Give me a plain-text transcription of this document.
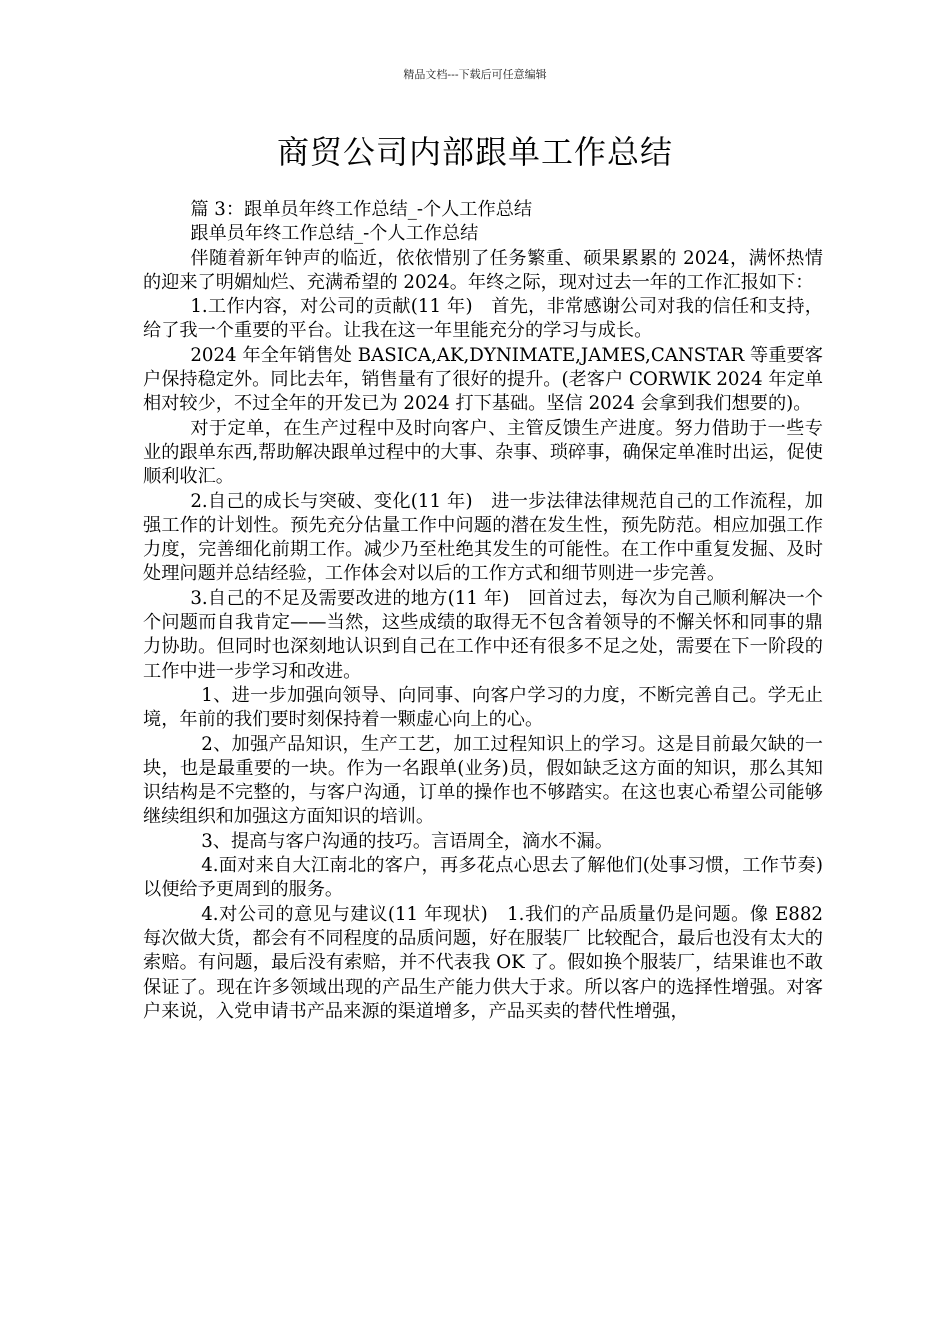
精品文档---下载后可任意编辑
商贸公司内部跟单工作总结

篇 3：跟单员年终工作总结_-个人工作总结

跟单员年终工作总结_-个人工作总结

伴随着新年钟声的临近，依依惜别了任务繁重、硕果累累的 2024，满怀热情的迎来了明媚灿烂、充满希望的 2024。年终之际，现对过去一年的工作汇报如下：

1.工作内容，对公司的贡献(11 年)　首先，非常感谢公司对我的信任和支持，给了我一个重要的平台。让我在这一年里能充分的学习与成长。

2024 年全年销售处 BASICA,AK,DYNIMATE,JAMES,CANSTAR 等重要客户保持稳定外。同比去年，销售量有了很好的提升。(老客户 CORWIK 2024 年定单相对较少，不过全年的开发已为 2024 打下基础。坚信 2024 会拿到我们想要的)。

对于定单，在生产过程中及时向客户、主管反馈生产进度。努力借助于一些专业的跟单东西,帮助解决跟单过程中的大事、杂事、琐碎事，确保定单准时出运，促使顺利收汇。

2.自己的成长与突破、变化(11 年)　进一步法律法律规范自己的工作流程，加强工作的计划性。预先充分估量工作中问题的潜在发生性，预先防范。相应加强工作力度，完善细化前期工作。减少乃至杜绝其发生的可能性。在工作中重复发掘、及时处理问题并总结经验，工作体会对以后的工作方式和细节则进一步完善。

3.自己的不足及需要改进的地方(11 年)　回首过去，每次为自己顺利解决一个个问题而自我肯定——当然，这些成绩的取得无不包含着领导的不懈关怀和同事的鼎力协助。但同时也深刻地认识到自己在工作中还有很多不足之处，需要在下一阶段的工作中进一步学习和改进。

1、进一步加强向领导、向同事、向客户学习的力度，不断完善自己。学无止境，年前的我们要时刻保持着一颗虚心向上的心。

2、加强产品知识，生产工艺，加工过程知识上的学习。这是目前最欠缺的一块，也是最重要的一块。作为一名跟单(业务)员，假如缺乏这方面的知识，那么其知识结构是不完整的，与客户沟通，订单的操作也不够踏实。在这也衷心希望公司能够继续组织和加强这方面知识的培训。

3、提高与客户沟通的技巧。言语周全，滴水不漏。

4.面对来自大江南北的客户，再多花点心思去了解他们(处事习惯，工作节奏)以便给予更周到的服务。

4.对公司的意见与建议(11 年现状)　1.我们的产品质量仍是问题。像 E882 每次做大货，都会有不同程度的品质问题，好在服装厂 比较配合，最后也没有太大的索赔。有问题，最后没有索赔，并不代表我 OK 了。假如换个服装厂，结果谁也不敢保证了。现在许多领域出现的产品生产能力供大于求。所以客户的选择性增强。对客户来说，入党申请书产品来源的渠道增多，产品买卖的替代性增强，
